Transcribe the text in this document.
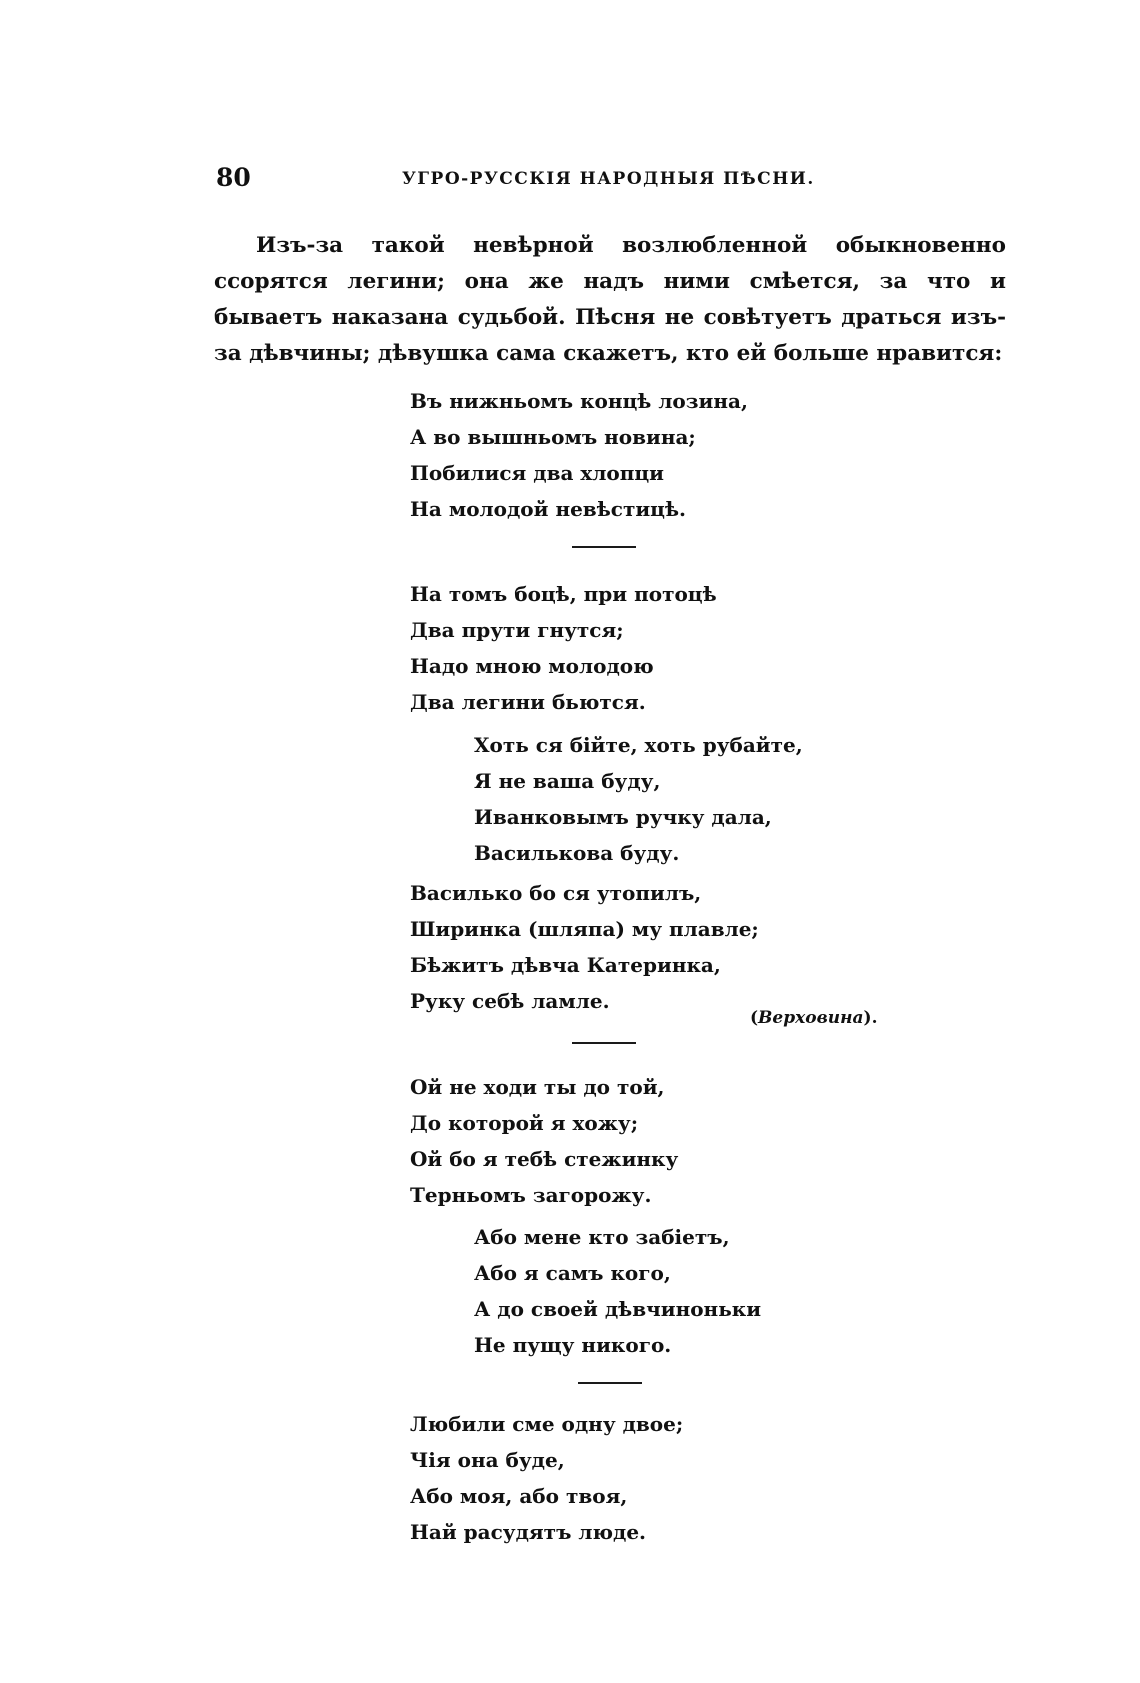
80	УГРО-РУССКІЯ НАРОДНЫЯ ПѢСНИ.

Изъ-за такой невѣрной возлюбленной обыкновенно ссорятся легини; она же надъ ними смѣется, за что и бываетъ наказана судьбой. Пѣсня не совѣтуетъ драться изъ-за дѣвчины; дѣвушка сама скажетъ, кто ей больше нравится:

Въ нижньомъ концѣ лозина,
А во вышньомъ новина;
Побилися два хлопци
На молодой невѣстицѣ.
На томъ боцѣ, при потоцѣ
Два прути гнутся;
Надо мною молодою
Два легини бьются.
Хоть ся бійте, хоть рубайте,
Я не ваша буду,
Иванковымъ ручку дала,
Василькова буду.
Василько бо ся утопилъ,
Ширинка (шляпа) му плавле;
Бѣжитъ дѣвча Катеринка,
Руку себѣ ламле.
(Верховина).
Ой не ходи ты до той,
До которой я хожу;
Ой бо я тебѣ стежинку
Терньомъ загорожу.
Або мене кто забіетъ,
Або я самъ кого,
А до своей дѣвчиноньки
Не пущу никого.
Любили сме одну двое;
Чія она буде,
Або моя, або твоя,
Най расудятъ люде.
